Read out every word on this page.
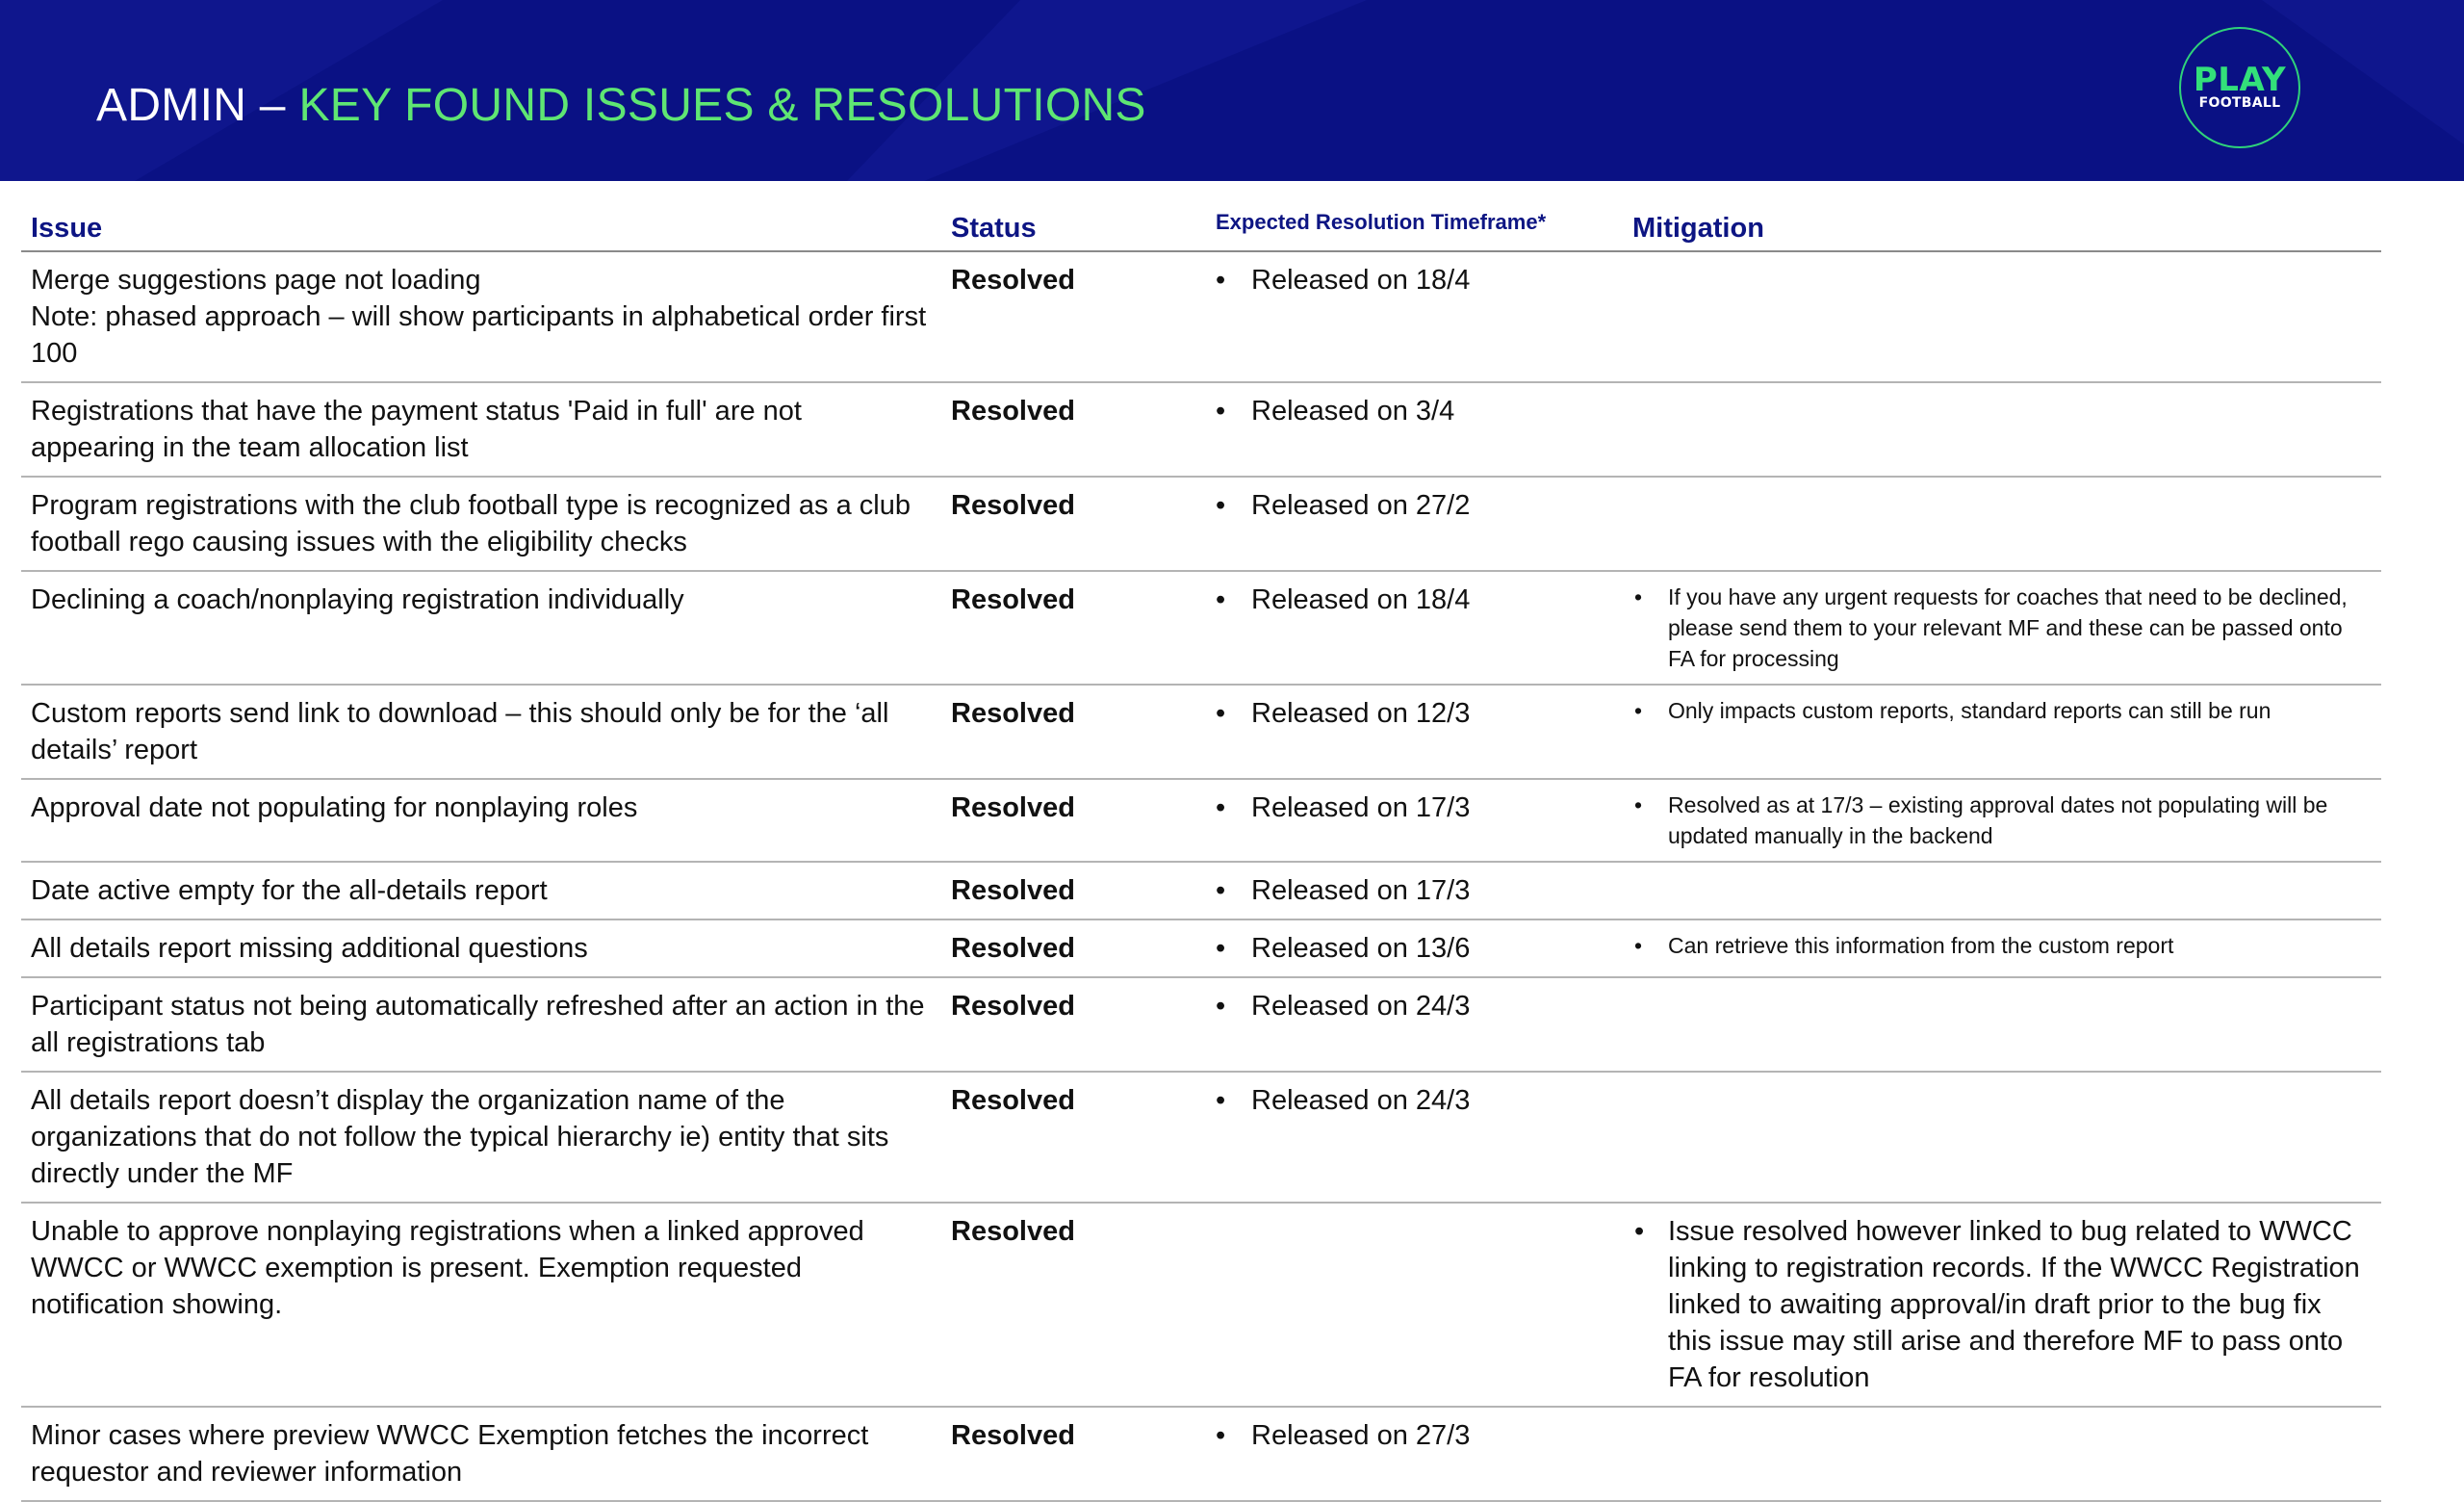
ADMIN – KEY FOUND ISSUES & RESOLUTIONS	PLAY
FOOTBALL
Issue	Status	Expected Resolution Timeframe*	Mitigation

Merge suggestions page not loading
Note: phased approach – will show participants in alphabetical order first 100	Resolved	• Released on 18/4

Registrations that have the payment status 'Paid in full' are not appearing in the team allocation list	Resolved	• Released on 3/4

Program registrations with the club football type is recognized as a club football rego causing issues with the eligibility checks	Resolved	• Released on 27/2

Declining a coach/nonplaying registration individually	Resolved	• Released on 18/4	• If you have any urgent requests for coaches that need to be declined, please send them to your relevant MF and these can be passed onto FA for processing

Custom reports send link to download – this should only be for the ‘all details’ report	Resolved	• Released on 12/3	• Only impacts custom reports, standard reports can still be run

Approval date not populating for nonplaying roles	Resolved	• Released on 17/3	• Resolved as at 17/3 – existing approval dates not populating will be updated manually in the backend

Date active empty for the all-details report	Resolved	• Released on 17/3

All details report missing additional questions	Resolved	• Released on 13/6	• Can retrieve this information from the custom report

Participant status not being automatically refreshed after an action in the all registrations tab	Resolved	• Released on 24/3

All details report doesn’t display the organization name of the organizations that do not follow the typical hierarchy ie) entity that sits directly under the MF	Resolved	• Released on 24/3

Unable to approve nonplaying registrations when a linked approved WWCC or WWCC exemption is present. Exemption requested notification showing.	Resolved		• Issue resolved however linked to bug related to WWCC linking to registration records. If the WWCC Registration linked to awaiting approval/in draft prior to the bug fix this issue may still arise and therefore MF to pass onto FA for resolution

Minor cases where preview WWCC Exemption fetches the incorrect requestor and reviewer information	Resolved	• Released on 27/3
